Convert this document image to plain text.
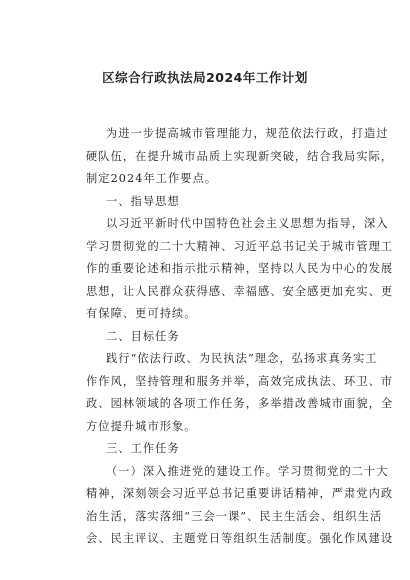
区综合行政执法局2024年工作计划
为进一步提高城市管理能力，规范依法行政，打造过
硬队伍，在提升城市品质上实现新突破，结合我局实际，
制定2024年工作要点。
一、指导思想
以习近平新时代中国特色社会主义思想为指导，深入
学习贯彻党的二十大精神、习近平总书记关于城市管理工
作的重要论述和指示批示精神，坚持以人民为中心的发展
思想，让人民群众获得感、幸福感、安全感更加充实、更
有保障、更可持续。
二、目标任务
践行“依法行政、为民执法”理念，弘扬求真务实工
作作风，坚持管理和服务并举，高效完成执法、环卫、市
政、园林领域的各项工作任务，多举措改善城市面貌，全
方位提升城市形象。
三、工作任务
（一）深入推进党的建设工作。学习贯彻党的二十大
精神，深刻领会习近平总书记重要讲话精神，严肃党内政
治生活，落实落细“三会一课”、民主生活会、组织生活
会、民主评议、主题党日等组织生活制度。强化作风建设
